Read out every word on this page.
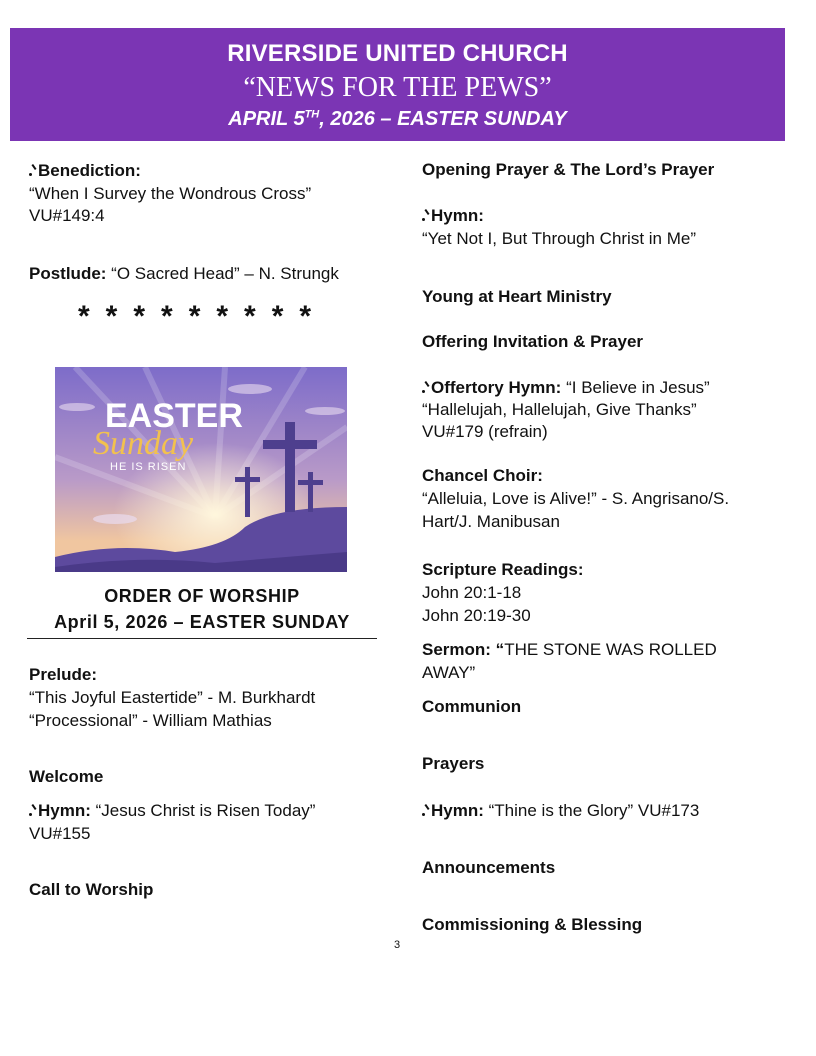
RIVERSIDE UNITED CHURCH
“NEWS FOR THE PEWS”
APRIL 5TH, 2026 – EASTER SUNDAY
Benediction:
“When I Survey the Wondrous Cross”
VU#149:4
Postlude: “O Sacred Head” – N. Strungk
*********
EASTER
Sunday
HE IS RISEN
ORDER OF WORSHIP
April 5, 2026 – EASTER SUNDAY
Prelude:
“This Joyful Eastertide” - M. Burkhardt
“Processional” - William Mathias
Welcome
Hymn: “Jesus Christ is Risen Today”
VU#155
Call to Worship
Opening Prayer & The Lord’s Prayer
Hymn:
“Yet Not I, But Through Christ in Me”
Young at Heart Ministry
Offering Invitation & Prayer
Offertory Hymn: “I Believe in Jesus”
“Hallelujah, Hallelujah, Give Thanks”
VU#179 (refrain)
Chancel Choir:
“Alleluia, Love is Alive!” - S. Angrisano/S.
Hart/J. Manibusan
Scripture Readings:
John 20:1-18
John 20:19-30
Sermon: “THE STONE WAS ROLLED
AWAY”
Communion
Prayers
Hymn: “Thine is the Glory” VU#173
Announcements
Commissioning & Blessing
3
